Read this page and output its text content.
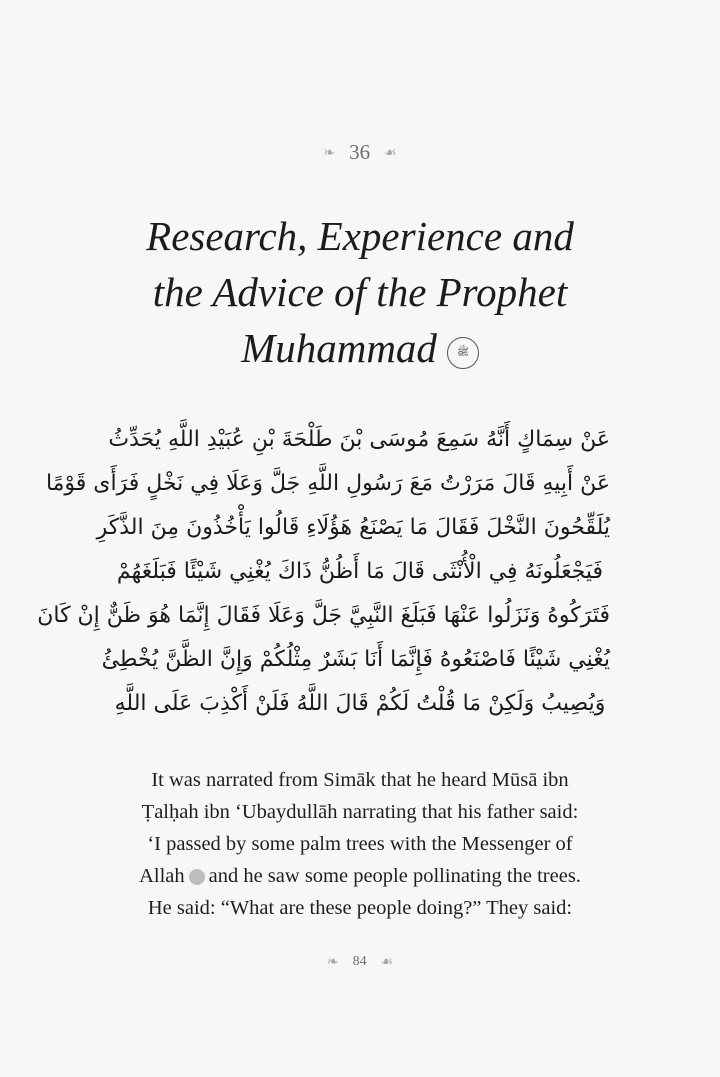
❧ 36 ☙
Research, Experience and
the Advice of the Prophet
Muhammad ﷺ
عَنْ سِمَاكٍ أَنَّهُ سَمِعَ مُوسَى بْنَ طَلْحَةَ بْنِ عُبَيْدِ اللَّهِ يُحَدِّثُ
عَنْ أَبِيهِ قَالَ مَرَرْتُ مَعَ رَسُولِ اللَّهِ جَلَّ وَعَلَا فِي نَخْلٍ فَرَأَى قَوْمًا
يُلَقِّحُونَ النَّخْلَ فَقَالَ مَا يَصْنَعُ هَؤُلَاءِ قَالُوا يَأْخُذُونَ مِنَ الذَّكَرِ
فَيَجْعَلُونَهُ فِي الْأُنْثَى قَالَ مَا أَظُنُّ ذَاكَ يُغْنِي شَيْئًا فَبَلَغَهُمْ
فَتَرَكُوهُ وَنَزَلُوا عَنْهَا فَبَلَغَ النَّبِيَّ جَلَّ وَعَلَا فَقَالَ إِنَّمَا هُوَ ظَنٌّ إِنْ كَانَ
يُغْنِي شَيْئًا فَاصْنَعُوهُ فَإِنَّمَا أَنَا بَشَرٌ مِثْلُكُمْ وَإِنَّ الظَّنَّ يُخْطِئُ
وَيُصِيبُ وَلَكِنْ مَا قُلْتُ لَكُمْ قَالَ اللَّهُ فَلَنْ أَكْذِبَ عَلَى اللَّهِ
It was narrated from Simāk that he heard Mūsā ibn
Ṭalḥah ibn ‘Ubaydullāh narrating that his father said:
‘I passed by some palm trees with the Messenger of
Allah and he saw some people pollinating the trees.
He said: “What are these people doing?” They said:
❧ 84 ☙
